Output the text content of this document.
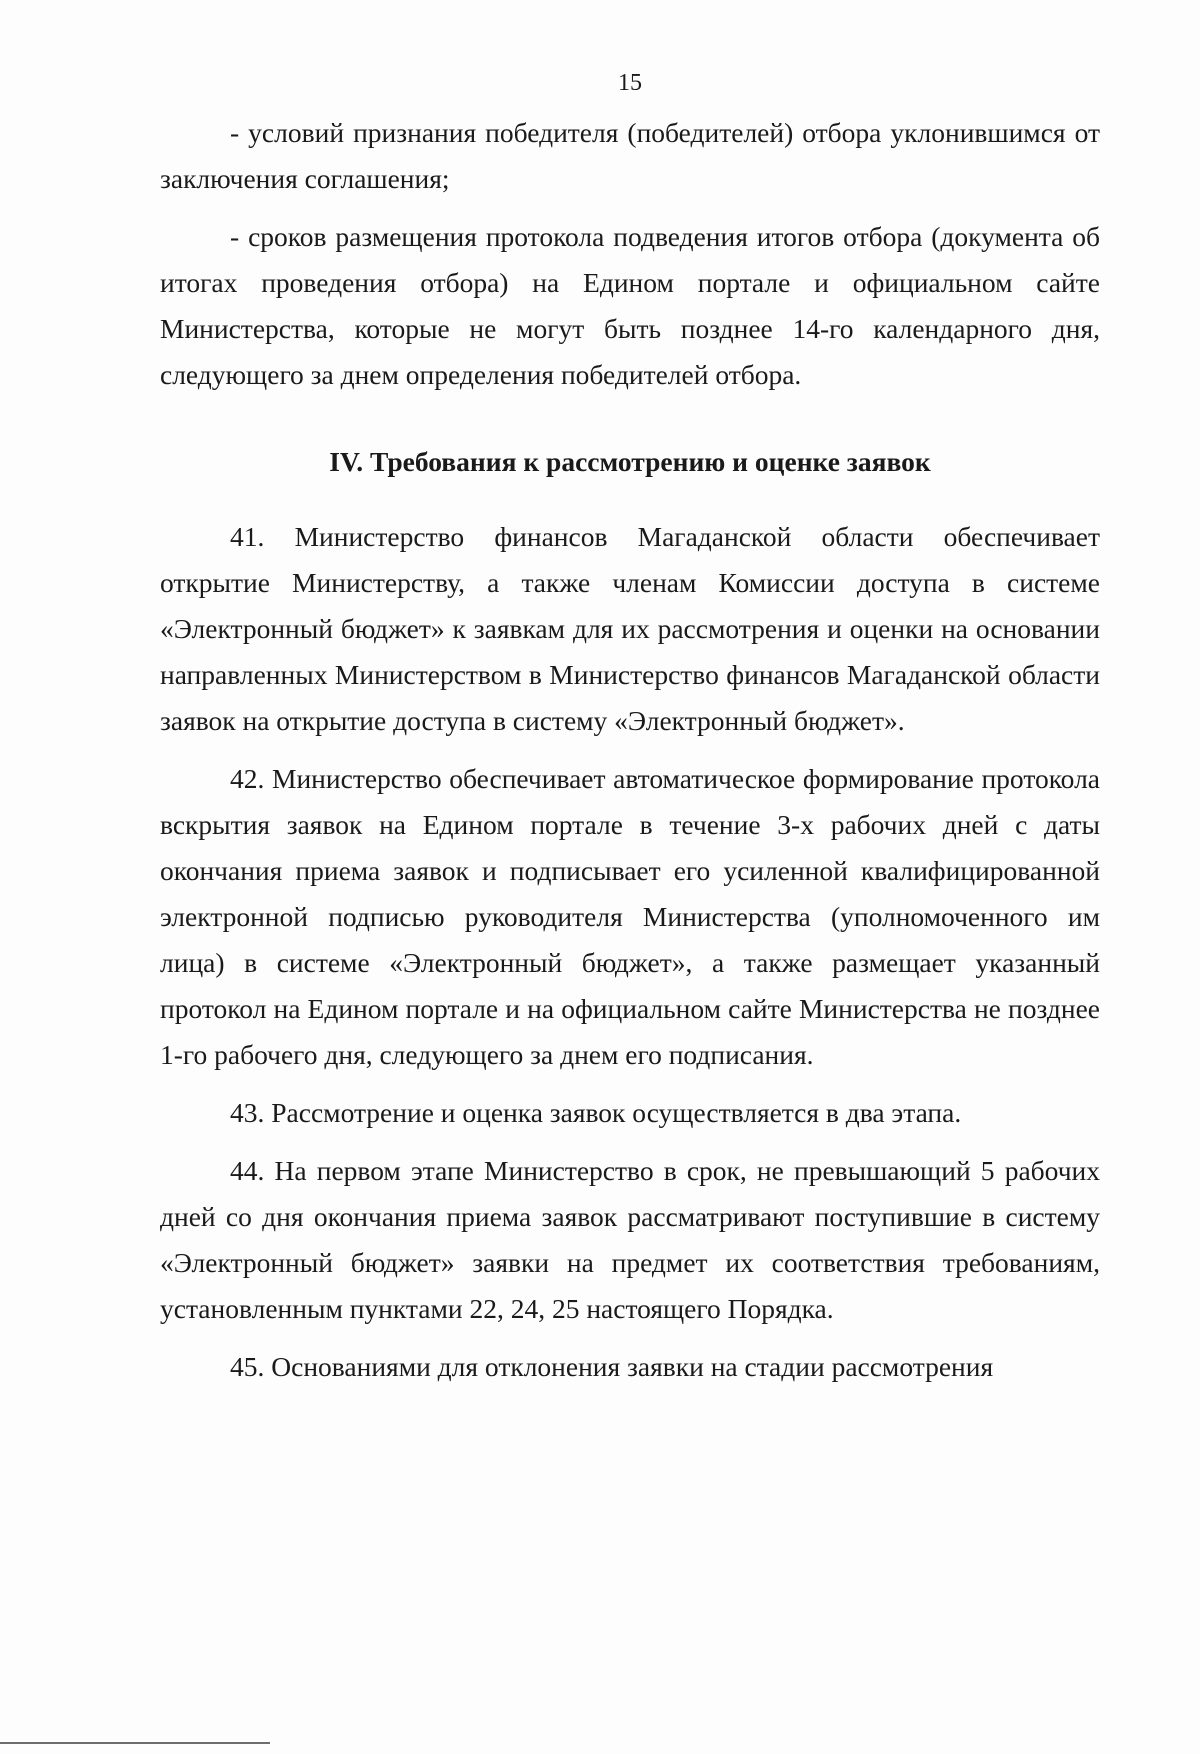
15

- условий признания победителя (победителей) отбора уклонившимся от заключения соглашения;

- сроков размещения протокола подведения итогов отбора (документа об итогах проведения отбора) на Едином портале и официальном сайте Министерства, которые не могут быть позднее 14-го календарного дня, следующего за днем определения победителей отбора.

IV. Требования к рассмотрению и оценке заявок

41. Министерство финансов Магаданской области обеспечивает открытие Министерству, а также членам Комиссии доступа в системе «Электронный бюджет» к заявкам для их рассмотрения и оценки на основании направленных Министерством в Министерство финансов Магаданской области заявок на открытие доступа в систему «Электронный бюджет».

42. Министерство обеспечивает автоматическое формирование протокола вскрытия заявок на Едином портале в течение 3-х рабочих дней с даты окончания приема заявок и подписывает его усиленной квалифицированной электронной подписью руководителя Министерства (уполномоченного им лица) в системе «Электронный бюджет», а также размещает указанный протокол на Едином портале и на официальном сайте Министерства не позднее 1-го рабочего дня, следующего за днем его подписания.

43. Рассмотрение и оценка заявок осуществляется в два этапа.

44. На первом этапе Министерство в срок, не превышающий 5 рабочих дней со дня окончания приема заявок рассматривают поступившие в систему «Электронный бюджет» заявки на предмет их соответствия требованиям, установленным пунктами 22, 24, 25 настоящего Порядка.

45. Основаниями для отклонения заявки на стадии рассмотрения
